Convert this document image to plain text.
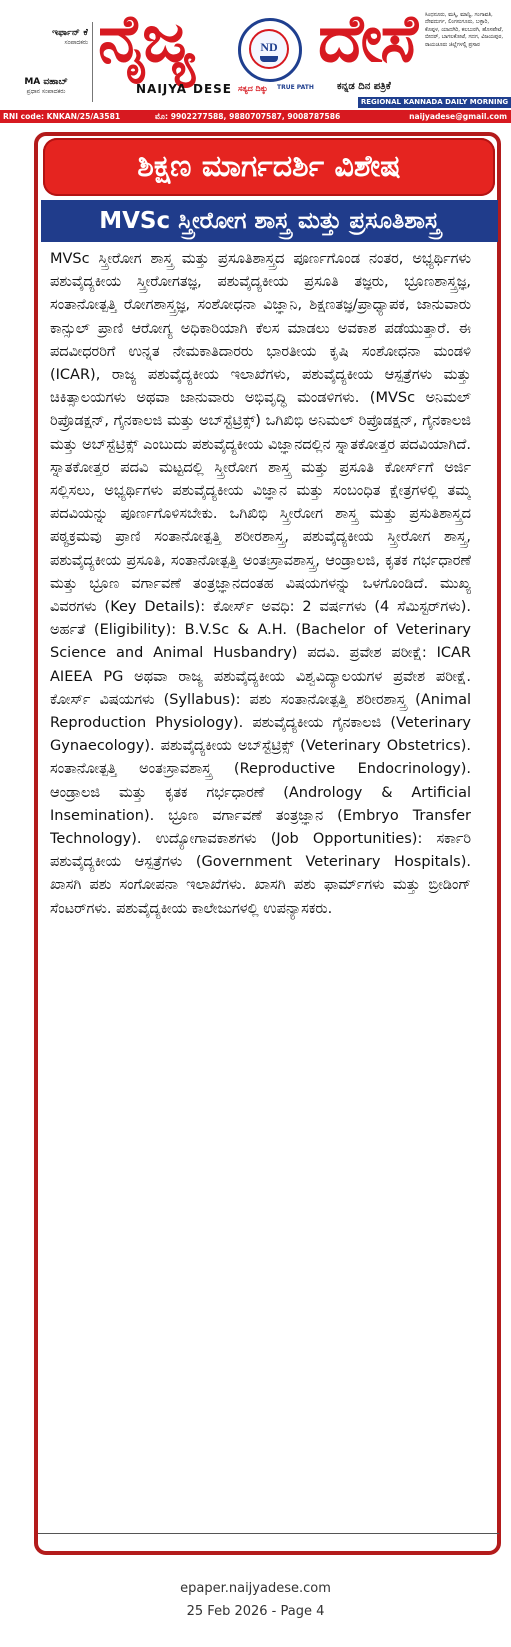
ಇರ್ಫಾನ್ ಕೆ
ಸಂಪಾದಕರು
MA ವಹಾಬ್
ಪ್ರಧಾನ ಸಂಪಾದಕರು
ನೈಜ್ಯ	ND ದೇಸೆ
NAIJYA DESE ಸತ್ಯದ ದಿಕ್ಕು TRUE PATH ಕನ್ನಡ ದಿನ ಪತ್ರಿಕೆ
ಸಿಂಧನೂರು, ಮಸ್ಕಿ, ಮಾನ್ವಿ, ಗಂಗಾವತಿ, ದೇವದುರ್ಗ, ಲಿಂಗಸುಗೂರು, ಬಳ್ಳಾರಿ, ಕೊಪ್ಪಳ, ಯಾದಗಿರಿ, ಕಲಬುರಗಿ, ಹೊಸಪೇಟೆ, ಬೀದರ್, ಬಾಗಲಕೋಟೆ, ಗದಗ, ವಿಜಯಪುರ, ರಾಯಚೂರು ಜಿಲ್ಲೆಗಳಲ್ಲಿ ಪ್ರಸಾರ
REGIONAL KANNADA DAILY MORNING
RNI code: KNKAN/25/A3581	ಮೊ: 9902277588, 9880707587, 9008787586	naijyadese@gmail.com
ಶಿಕ್ಷಣ ಮಾರ್ಗದರ್ಶಿ ವಿಶೇಷ
MVSc ಸ್ತ್ರೀರೋಗ ಶಾಸ್ತ್ರ ಮತ್ತು ಪ್ರಸೂತಿಶಾಸ್ತ್ರ

MVSc ಸ್ತ್ರೀರೋಗ ಶಾಸ್ತ್ರ ಮತ್ತು ಪ್ರಸೂತಿಶಾಸ್ತ್ರದ ಪೂರ್ಣಗೊಂಡ ನಂತರ, ಅಭ್ಯರ್ಥಿಗಳು ಪಶುವೈದ್ಯಕೀಯ ಸ್ತ್ರೀರೋಗತಜ್ಞ, ಪಶುವೈದ್ಯಕೀಯ ಪ್ರಸೂತಿ ತಜ್ಞರು, ಭ್ರೂಣಶಾಸ್ತ್ರಜ್ಞ, ಸಂತಾನೋತ್ಪತ್ತಿ ರೋಗಶಾಸ್ತ್ರಜ್ಞ, ಸಂಶೋಧನಾ ವಿಜ್ಞಾನಿ, ಶಿಕ್ಷಣತಜ್ಞ/ಪ್ರಾಧ್ಯಾಪಕ, ಜಾನುವಾರು ಕಾನ್ಸುಲ್ ಪ್ರಾಣಿ ಆರೋಗ್ಯ ಅಧಿಕಾರಿಯಾಗಿ ಕೆಲಸ ಮಾಡಲು ಅವಕಾಶ ಪಡೆಯುತ್ತಾರೆ. ಈ ಪದವೀಧರರಿಗೆ ಉನ್ನತ ನೇಮಕಾತಿದಾರರು ಭಾರತೀಯ ಕೃಷಿ ಸಂಶೋಧನಾ ಮಂಡಳಿ (ICAR), ರಾಜ್ಯ ಪಶುವೈದ್ಯಕೀಯ ಇಲಾಖೆಗಳು, ಪಶುವೈದ್ಯಕೀಯ ಆಸ್ಪತ್ರೆಗಳು ಮತ್ತು ಚಿಕಿತ್ಸಾಲಯಗಳು ಅಥವಾ ಜಾನುವಾರು ಅಭಿವೃದ್ಧಿ ಮಂಡಳಿಗಳು. (MVSc ಅನಿಮಲ್ ರಿಪ್ರೊಡಕ್ಷನ್, ಗೈನಕಾಲಜಿ ಮತ್ತು ಅಬ್‌ಸ್ಟೆಟ್ರಿಕ್ಸ್) ಒಗಿಖಿಭಿ ಅನಿಮಲ್ ರಿಪ್ರೊಡಕ್ಷನ್, ಗೈನಕಾಲಜಿ ಮತ್ತು ಅಬ್‌ಸ್ಟೆಟ್ರಿಕ್ಸ್ ಎಂಬುದು ಪಶುವೈದ್ಯಕೀಯ ವಿಜ್ಞಾನದಲ್ಲಿನ ಸ್ನಾತಕೋತ್ತರ ಪದವಿಯಾಗಿದೆ. ಸ್ನಾತಕೋತ್ತರ ಪದವಿ ಮಟ್ಟದಲ್ಲಿ ಸ್ತ್ರೀರೋಗ ಶಾಸ್ತ್ರ ಮತ್ತು ಪ್ರಸೂತಿ ಕೋರ್ಸ್‌ಗೆ ಅರ್ಜಿ ಸಲ್ಲಿಸಲು, ಅಭ್ಯರ್ಥಿಗಳು ಪಶುವೈದ್ಯಕೀಯ ವಿಜ್ಞಾನ ಮತ್ತು ಸಂಬಂಧಿತ ಕ್ಷೇತ್ರಗಳಲ್ಲಿ ತಮ್ಮ ಪದವಿಯನ್ನು ಪೂರ್ಣಗೊಳಿಸಬೇಕು. ಒಗಿಖಿಭಿ ಸ್ತ್ರೀರೋಗ ಶಾಸ್ತ್ರ ಮತ್ತು ಪ್ರಸುತಿಶಾಸ್ತ್ರದ ಪಠ್ಯಕ್ರಮವು ಪ್ರಾಣಿ ಸಂತಾನೋತ್ಪತ್ತಿ ಶರೀರಶಾಸ್ತ್ರ, ಪಶುವೈದ್ಯಕೀಯ ಸ್ತ್ರೀರೋಗ ಶಾಸ್ತ್ರ, ಪಶುವೈದ್ಯಕೀಯ ಪ್ರಸೂತಿ, ಸಂತಾನೋತ್ಪತ್ತಿ ಅಂತಃಸ್ರಾವಶಾಸ್ತ್ರ, ಆಂಡ್ರಾಲಜಿ, ಕೃತಕ ಗರ್ಭಧಾರಣೆ ಮತ್ತು ಭ್ರೂಣ ವರ್ಗಾವಣೆ ತಂತ್ರಜ್ಞಾನದಂತಹ ವಿಷಯಗಳನ್ನು ಒಳಗೊಂಡಿದೆ. ಮುಖ್ಯ ವಿವರಗಳು (Key Details): ಕೋರ್ಸ್ ಅವಧಿ: 2 ವರ್ಷಗಳು (4 ಸೆಮಿಸ್ಟರ್‌ಗಳು). ಅರ್ಹತೆ (Eligibility): B.V.Sc & A.H. (Bachelor of Veterinary Science and Animal Husbandry) ಪದವಿ. ಪ್ರವೇಶ ಪರೀಕ್ಷೆ: ICAR AIEEA PG ಅಥವಾ ರಾಜ್ಯ ಪಶುವೈದ್ಯಕೀಯ ವಿಶ್ವವಿದ್ಯಾಲಯಗಳ ಪ್ರವೇಶ ಪರೀಕ್ಷೆ. ಕೋರ್ಸ್ ವಿಷಯಗಳು (Syllabus): ಪಶು ಸಂತಾನೋತ್ಪತ್ತಿ ಶರೀರಶಾಸ್ತ್ರ (Animal Reproduction Physiology). ಪಶುವೈದ್ಯಕೀಯ ಗೈನಕಾಲಜಿ (Veterinary Gynaecology). ಪಶುವೈದ್ಯಕೀಯ ಅಬ್‌ಸ್ಟೆಟ್ರಿಕ್ಸ್ (Veterinary Obstetrics). ಸಂತಾನೋತ್ಪತ್ತಿ ಅಂತಃಸ್ರಾವಶಾಸ್ತ್ರ (Reproductive Endocrinology). ಆಂಡ್ರಾಲಜಿ ಮತ್ತು ಕೃತಕ ಗರ್ಭಧಾರಣೆ (Andrology & Artificial Insemination). ಭ್ರೂಣ ವರ್ಗಾವಣೆ ತಂತ್ರಜ್ಞಾನ (Embryo Transfer Technology). ಉದ್ಯೋಗಾವಕಾಶಗಳು (Job Opportunities): ಸರ್ಕಾರಿ ಪಶುವೈದ್ಯಕೀಯ ಆಸ್ಪತ್ರೆಗಳು (Government Veterinary Hospitals). ಖಾಸಗಿ ಪಶು ಸಂಗೋಪನಾ ಇಲಾಖೆಗಳು. ಖಾಸಗಿ ಪಶು ಫಾರ್ಮ್‌ಗಳು ಮತ್ತು ಬ್ರೀಡಿಂಗ್ ಸೆಂಟರ್‌ಗಳು. ಪಶುವೈದ್ಯಕೀಯ ಕಾಲೇಜುಗಳಲ್ಲಿ ಉಪನ್ಯಾಸಕರು.

epaper.naijyadese.com
25 Feb 2026 - Page 4
